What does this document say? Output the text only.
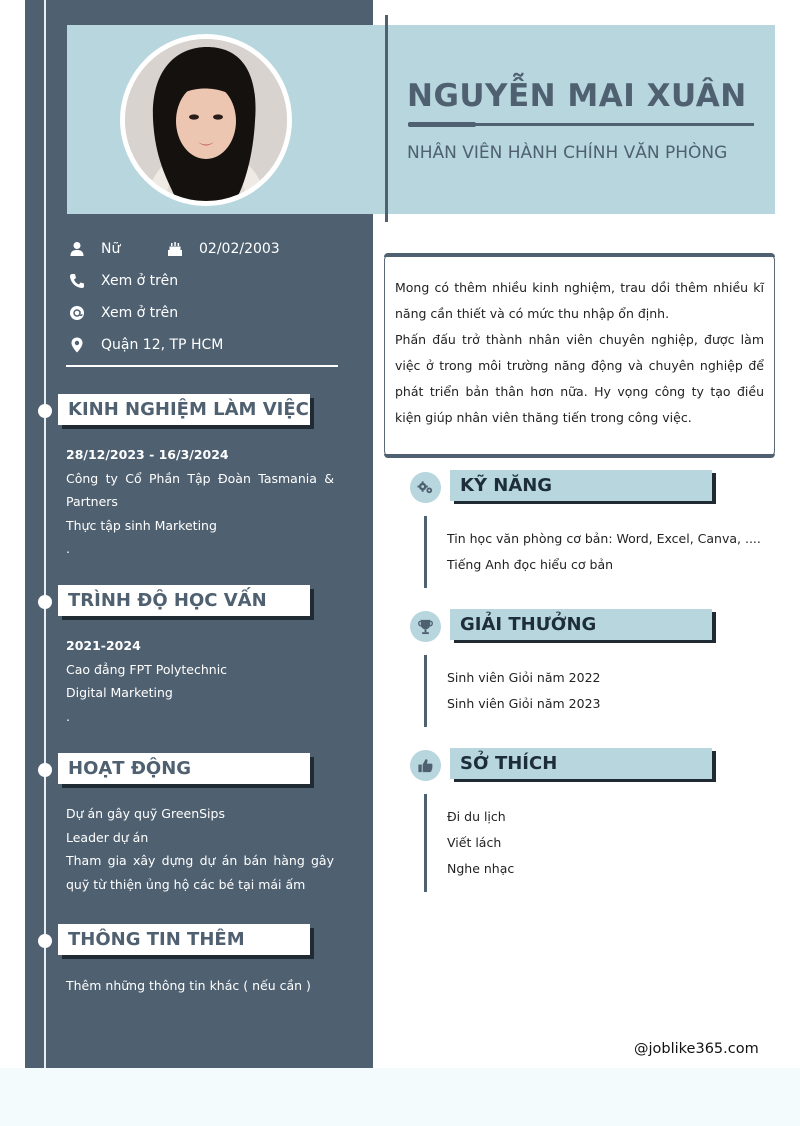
NGUYỄN MAI XUÂN
NHÂN VIÊN HÀNH CHÍNH VĂN PHÒNG
Nữ	02/02/2003
Xem ở trên
Xem ở trên
Quận 12, TP HCM
KINH NGHIỆM LÀM VIỆC
28/12/2023 - 16/3/2024
Công ty Cổ Phần Tập Đoàn Tasmania & Partners
Thực tập sinh Marketing
.
TRÌNH ĐỘ HỌC VẤN
2021-2024
Cao đẳng FPT Polytechnic
Digital Marketing
.
HOẠT ĐỘNG
Dự án gây quỹ GreenSips
Leader dự án
Tham gia xây dựng dự án bán hàng gây quỹ từ thiện ủng hộ các bé tại mái ấm
THÔNG TIN THÊM
Thêm những thông tin khác ( nếu cần )

Mong có thêm nhiều kinh nghiệm, trau dồi thêm nhiều kĩ năng cần thiết và có mức thu nhập ổn định.

Phấn đấu trở thành nhân viên chuyên nghiệp, được làm việc ở trong môi trường năng động và chuyên nghiệp để phát triển bản thân hơn nữa. Hy vọng công ty tạo điều kiện giúp nhân viên thăng tiến trong công việc.

KỸ NĂNG
Tin học văn phòng cơ bản: Word, Excel, Canva, ....
Tiếng Anh đọc hiểu cơ bản
GIẢI THƯỞNG
Sinh viên Giỏi năm 2022
Sinh viên Giỏi năm 2023
SỞ THÍCH
Đi du lịch
Viết lách
Nghe nhạc
@joblike365.com
